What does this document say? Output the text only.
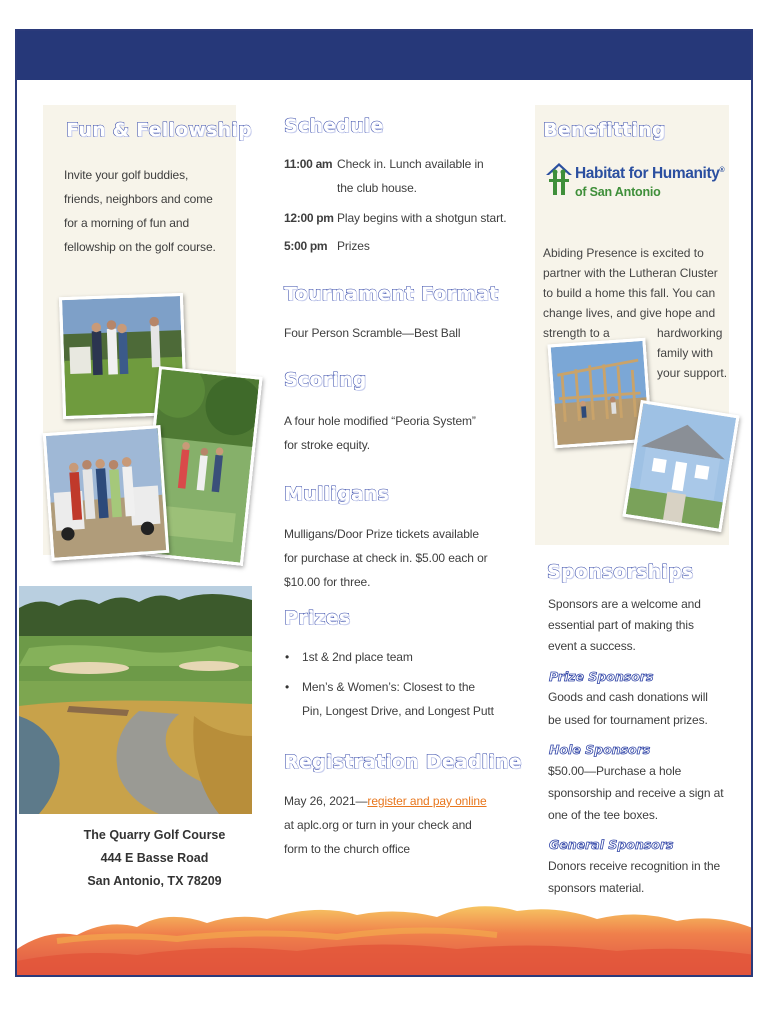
Fun & Fellowship
Invite your golf buddies, friends, neighbors and come for a morning of fun and fellowship on the golf course.
The Quarry Golf Course
444 E Basse Road
San Antonio, TX 78209
Schedule
11:00 am Check in. Lunch available in the club house.
12:00 pm Play begins with a shotgun start.
5:00 pm Prizes
Tournament Format
Four Person Scramble—Best Ball
Scoring
A four hole modified “Peoria System” for stroke equity.
Mulligans
Mulligans/Door Prize tickets available for purchase at check in. $5.00 each or $10.00 for three.
Prizes
• 1st & 2nd place team
• Men’s & Women’s: Closest to the Pin, Longest Drive, and Longest Putt
Registration Deadline
May 26, 2021—register and pay online at aplc.org or turn in your check and form to the church office
Benefitting
Habitat for Humanity®
of San Antonio
Abiding Presence is excited to partner with the Lutheran Cluster to build a home this fall. You can change lives, and give hope and strength to a	hardworking family with your support.
Sponsorships
Sponsors are a welcome and essential part of making this event a success.
Prize Sponsors
Goods and cash donations will be used for tournament prizes.
Hole Sponsors
$50.00—Purchase a hole sponsorship and receive a sign at one of the tee boxes.
General Sponsors
Donors receive recognition in the sponsors material.
